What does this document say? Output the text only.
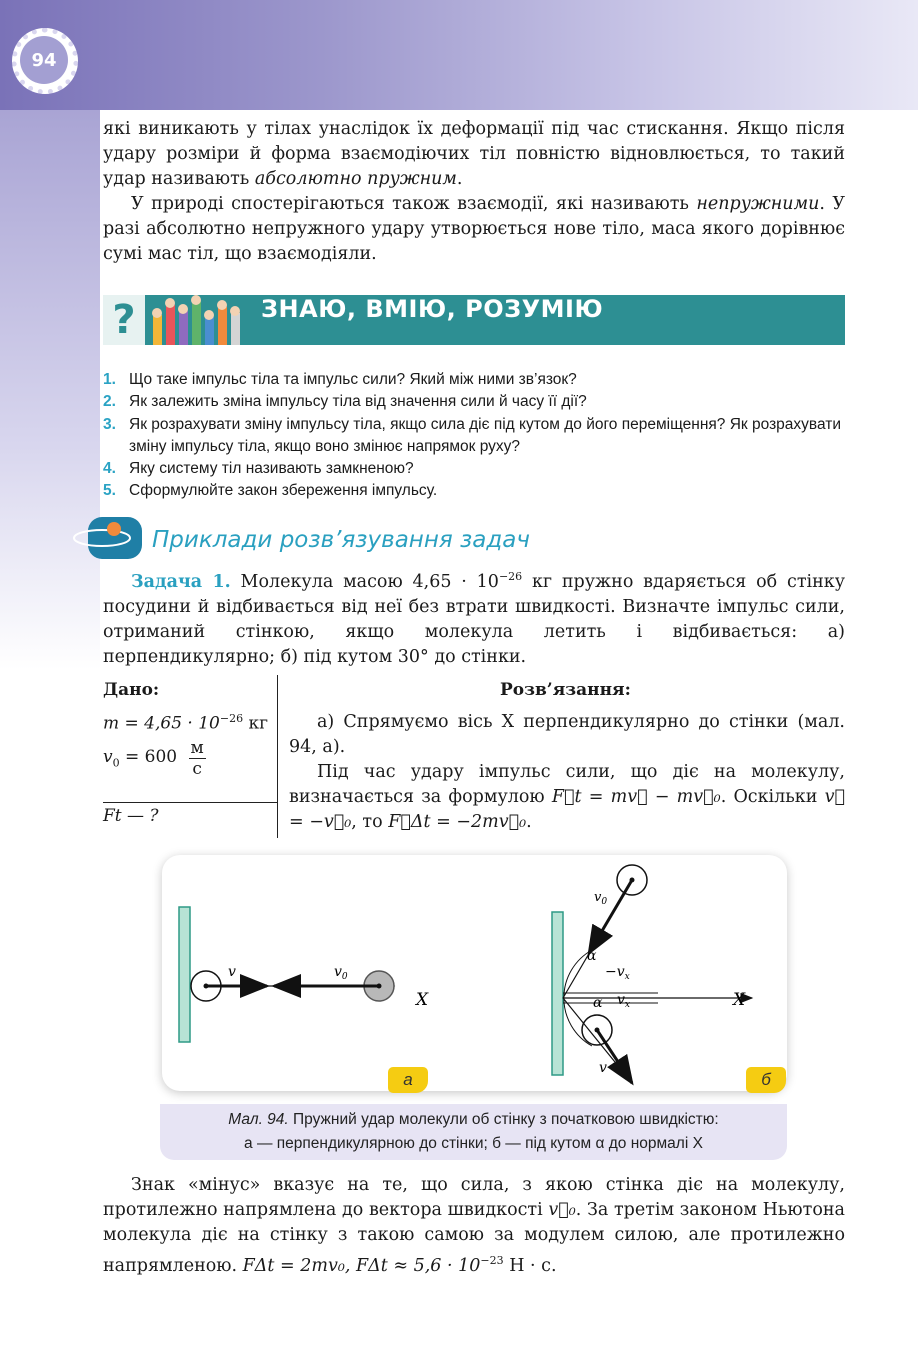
94
які виникають у тілах унаслідок їх деформації під час стискання. Якщо після удару розміри й форма взаємодіючих тіл повністю відновлюється, то такий удар називають абсолютно пружним.
У природі спостерігаються також взаємодії, які називають непружними. У разі абсолютно непружного удару утворюється нове тіло, маса якого дорівнює сумі мас тіл, що взаємодіяли.
?	ЗНАЮ, ВМІЮ, РОЗУМІЮ
1. Що таке імпульс тіла та імпульс сили? Який між ними зв’язок?
2. Як залежить зміна імпульсу тіла від значення сили й часу її дії?
3. Як розрахувати зміну імпульсу тіла, якщо сила діє під кутом до його переміщення? Як розрахувати зміну імпульсу тіла, якщо воно змінює напрямок руху?
4. Яку систему тіл називають замкненою?
5. Сформулюйте закон збереження імпульсу.
Приклади розв’язування задач
Задача 1. Молекула масою $4,65 \cdot 10^{-26}$ кг пружно вдаряється об стінку посудини й відбивається від неї без втрати швидкості. Визначте імпульс сили, отриманий стінкою, якщо молекула летить і відбивається: а) перпендикулярно; б) під кутом 30° до стінки.
Дано:
$m = 4,65 \cdot 10^{-26}$ кг
$v_0 = 600$ м
с
Ft — ?
Розв’язання:
а) Спрямуємо вісь X перпендикулярно до стінки (мал. 94, а).
Під час удару імпульс сили, що діє на молекулу, визначається за формулою F⃗t = mv⃗ − mv⃗₀. Оскільки v⃗ = −v⃗₀, то F⃗Δt = −2mv⃗₀.
v	$v_0$
X
$v_0$
α
α
$-v_x$
$v_x$
v
X
а	б
Мал. 94. Пружний удар молекули об стінку з початковою швидкістю:
а — перпендикулярною до стінки; б — під кутом α до нормалі X
Знак «мінус» вказує на те, що сила, з якою стінка діє на молекулу, протилежно напрямлена до вектора швидкості v⃗₀. За третім законом Ньютона молекула діє на стінку з такою самою за модулем силою, але протилежно напрямленою. FΔt = 2mv₀, $F\Delta t \approx 5,6 \cdot 10^{-23}$ Н · с.
